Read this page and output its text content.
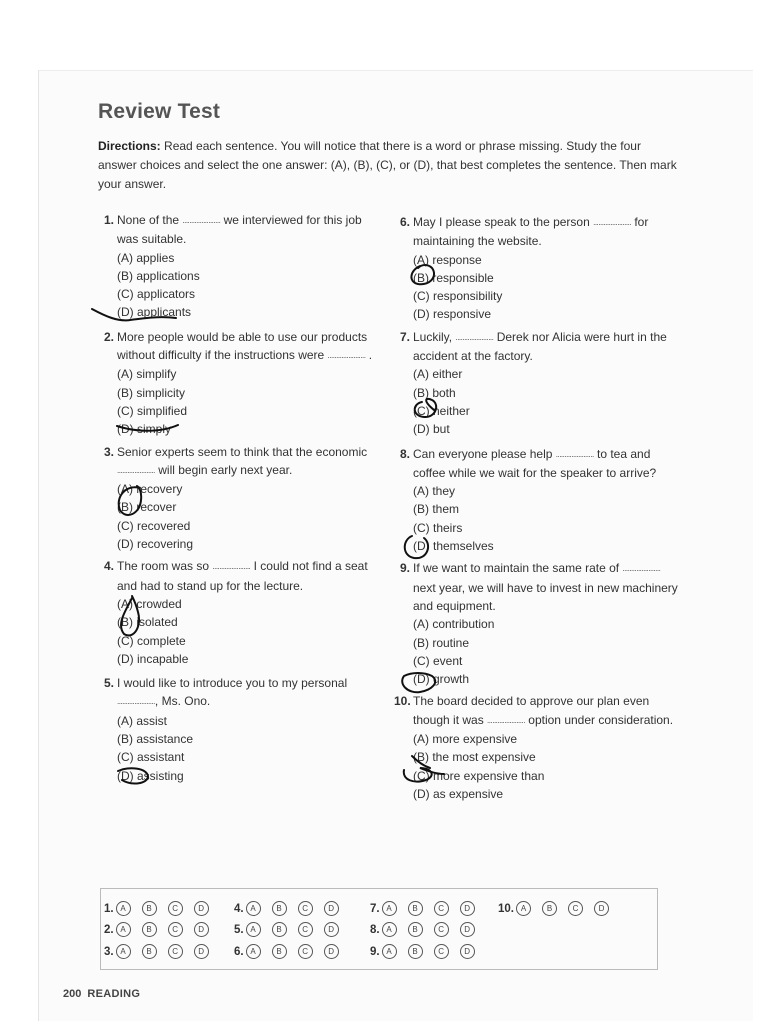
Review Test
Directions: Read each sentence. You will notice that there is a word or phrase missing. Study the four answer choices and select the one answer: (A), (B), (C), or (D), that best completes the sentence. Then mark your answer.
1. None of the ...................... we interviewed for this job was suitable.
(A) applies
(B) applications
(C) applicators
(D) applicants
2. More people would be able to use our products without difficulty if the instructions were ...................... .
(A) simplify
(B) simplicity
(C) simplified
(D) simply
3. Senior experts seem to think that the economic ...................... will begin early next year.
(A) recovery
(B) recover
(C) recovered
(D) recovering
4. The room was so ...................... I could not find a seat and had to stand up for the lecture.
(A) crowded
(B) isolated
(C) complete
(D) incapable
5. I would like to introduce you to my personal ......................, Ms. Ono.
(A) assist
(B) assistance
(C) assistant
(D) assisting
6. May I please speak to the person ...................... for maintaining the website.
(A) response
(B) responsible
(C) responsibility
(D) responsive
7. Luckily, ...................... Derek nor Alicia were hurt in the accident at the factory.
(A) either
(B) both
(C) neither
(D) but
8. Can everyone please help ...................... to tea and coffee while we wait for the speaker to arrive?
(A) they
(B) them
(C) theirs
(D) themselves
9. If we want to maintain the same rate of ...................... next year, we will have to invest in new machinery and equipment.
(A) contribution
(B) routine
(C) event
(D) growth
10. The board decided to approve our plan even though it was ...................... option under consideration.
(A) more expensive
(B) the most expensive
(C) more expensive than
(D) as expensive
1. A	B	C	D	4. A	B	C	D	7. A	B	C	D	10. A	B	C	D
2. A	B	C	D	5. A	B	C	D	8. A	B	C	D
3. A	B	C	D	6. A	B	C	D	9. A	B	C	D
200 READING
